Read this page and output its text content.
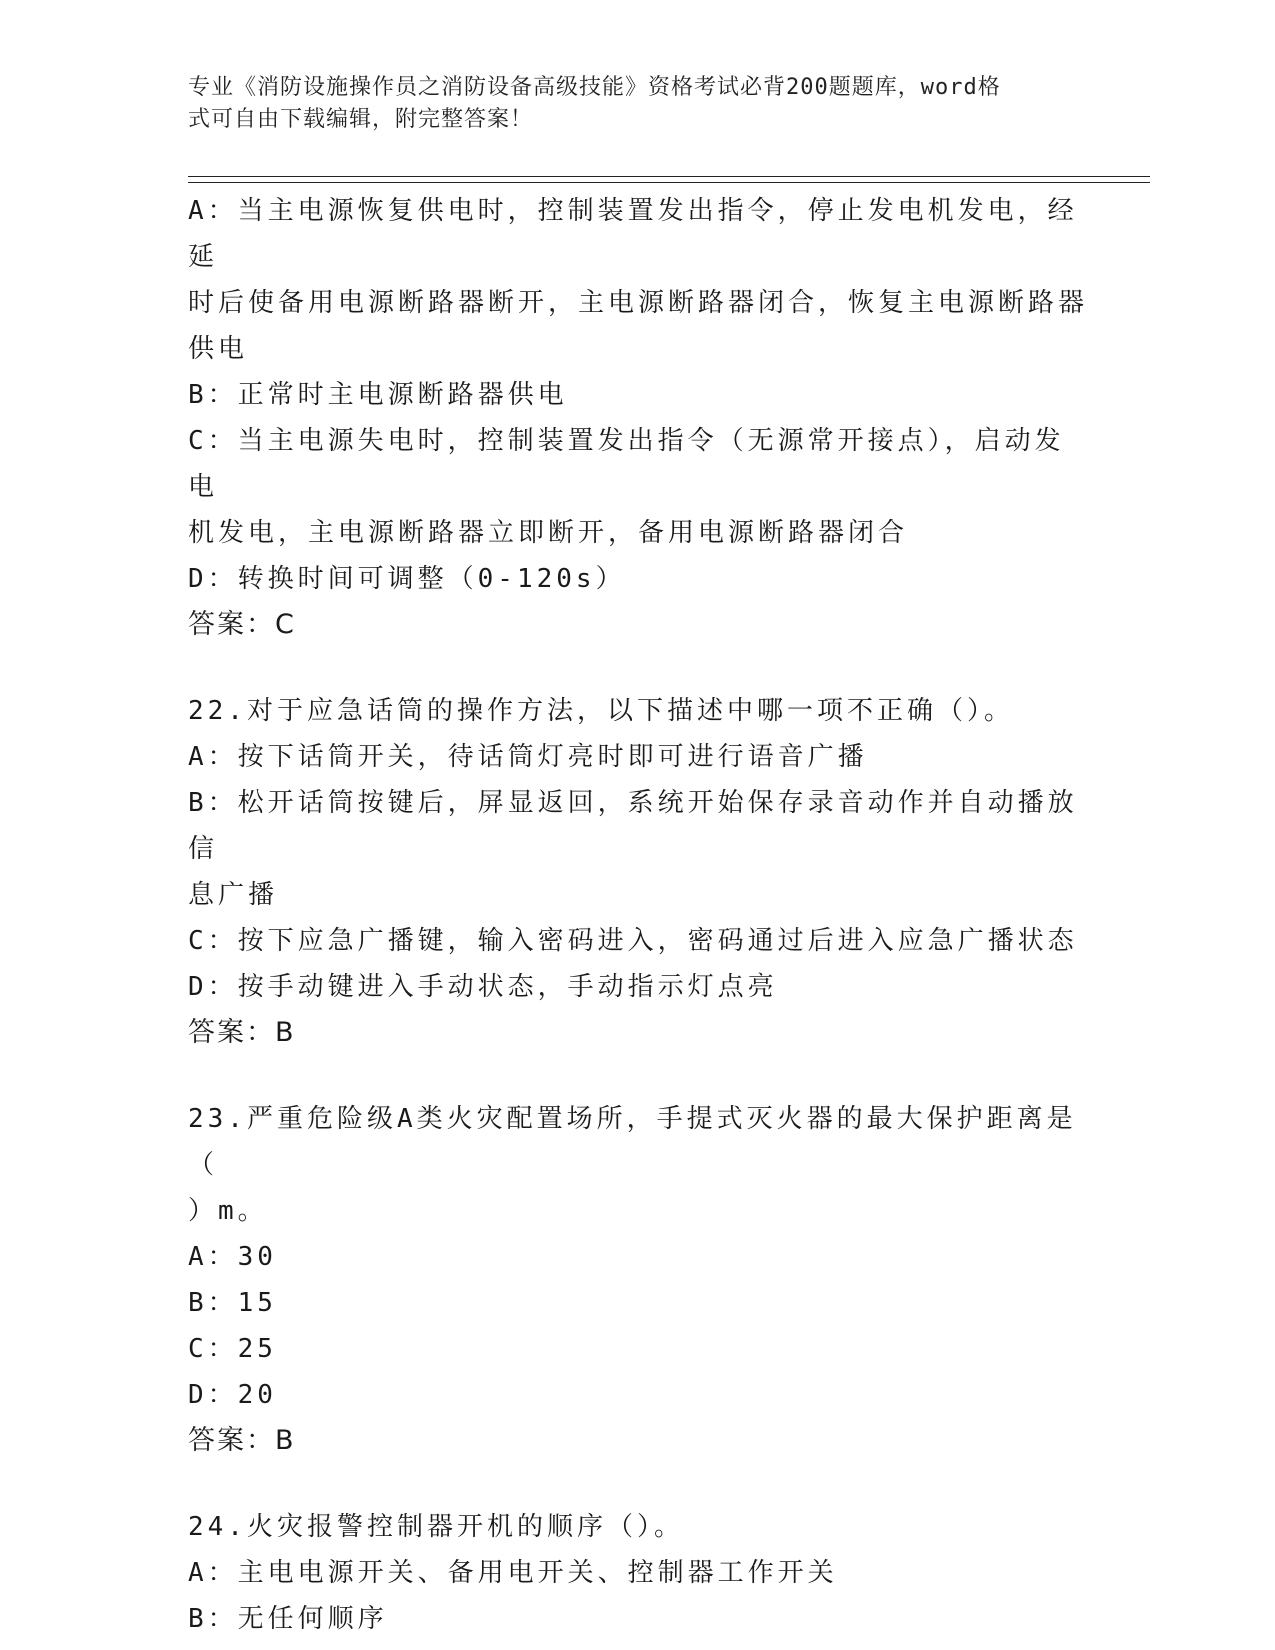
专业《消防设施操作员之消防设备高级技能》资格考试必背200题题库，word格
式可自由下载编辑，附完整答案！
A：当主电源恢复供电时，控制装置发出指令，停止发电机发电，经延
时后使备用电源断路器断开，主电源断路器闭合，恢复主电源断路器
供电
B：正常时主电源断路器供电
C：当主电源失电时，控制装置发出指令（无源常开接点），启动发电
机发电，主电源断路器立即断开，备用电源断路器闭合
D：转换时间可调整（0-120s）
答案：C
22.对于应急话筒的操作方法，以下描述中哪一项不正确（）。
A：按下话筒开关，待话筒灯亮时即可进行语音广播
B：松开话筒按键后，屏显返回，系统开始保存录音动作并自动播放信
息广播
C：按下应急广播键，输入密码进入，密码通过后进入应急广播状态
D：按手动键进入手动状态，手动指示灯点亮
答案：B
23.严重危险级A类火灾配置场所，手提式灭火器的最大保护距离是（
）m。
A：30
B：15
C：25
D：20
答案：B
24.火灾报警控制器开机的顺序（）。
A：主电电源开关、备用电开关、控制器工作开关
B：无任何顺序
